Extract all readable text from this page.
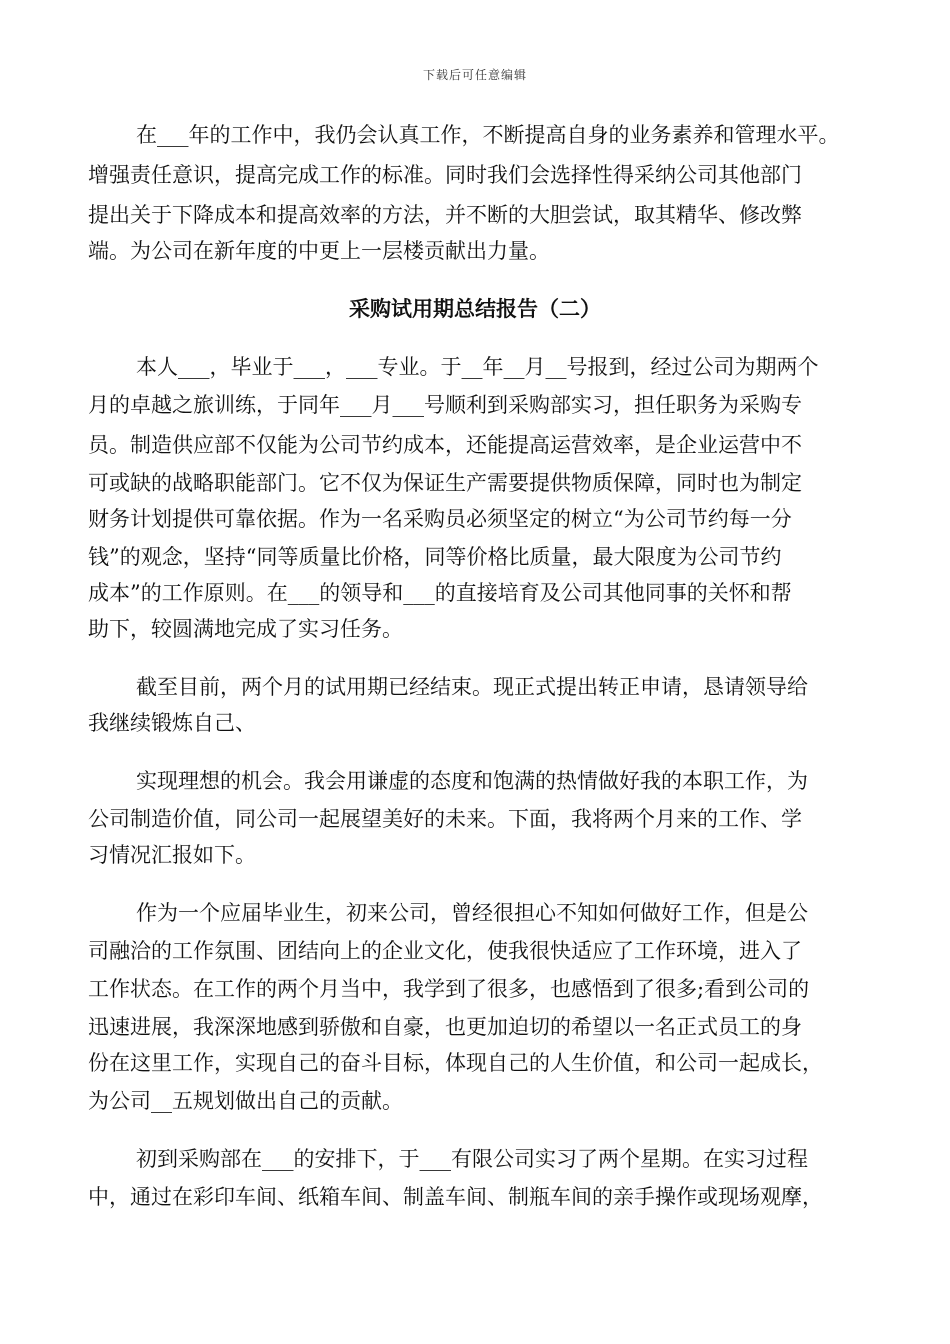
下载后可任意编辑
在___年的工作中，我仍会认真工作，不断提高自身的业务素养和管理水平。
增强责任意识，提高完成工作的标准。同时我们会选择性得采纳公司其他部门
提出关于下降成本和提高效率的方法，并不断的大胆尝试，取其精华、修改弊
端。为公司在新年度的中更上一层楼贡献出力量。
采购试用期总结报告（二）
本人___，毕业于___，___专业。于__年__月__号报到，经过公司为期两个
月的卓越之旅训练，于同年___月___号顺利到采购部实习，担任职务为采购专
员。制造供应部不仅能为公司节约成本，还能提高运营效率，是企业运营中不
可或缺的战略职能部门。它不仅为保证生产需要提供物质保障，同时也为制定
财务计划提供可靠依据。作为一名采购员必须坚定的树立“为公司节约每一分
钱”的观念，坚持“同等质量比价格，同等价格比质量，最大限度为公司节约
成本”的工作原则。在___的领导和___的直接培育及公司其他同事的关怀和帮
助下，较圆满地完成了实习任务。
截至目前，两个月的试用期已经结束。现正式提出转正申请，恳请领导给
我继续锻炼自己、
实现理想的机会。我会用谦虚的态度和饱满的热情做好我的本职工作，为
公司制造价值，同公司一起展望美好的未来。下面，我将两个月来的工作、学
习情况汇报如下。
作为一个应届毕业生，初来公司，曾经很担心不知如何做好工作，但是公
司融洽的工作氛围、团结向上的企业文化，使我很快适应了工作环境，进入了
工作状态。在工作的两个月当中，我学到了很多，也感悟到了很多;看到公司的
迅速进展，我深深地感到骄傲和自豪，也更加迫切的希望以一名正式员工的身
份在这里工作，实现自己的奋斗目标，体现自己的人生价值，和公司一起成长，
为公司__五规划做出自己的贡献。
初到采购部在___的安排下，于___有限公司实习了两个星期。在实习过程
中，通过在彩印车间、纸箱车间、制盖车间、制瓶车间的亲手操作或现场观摩，
